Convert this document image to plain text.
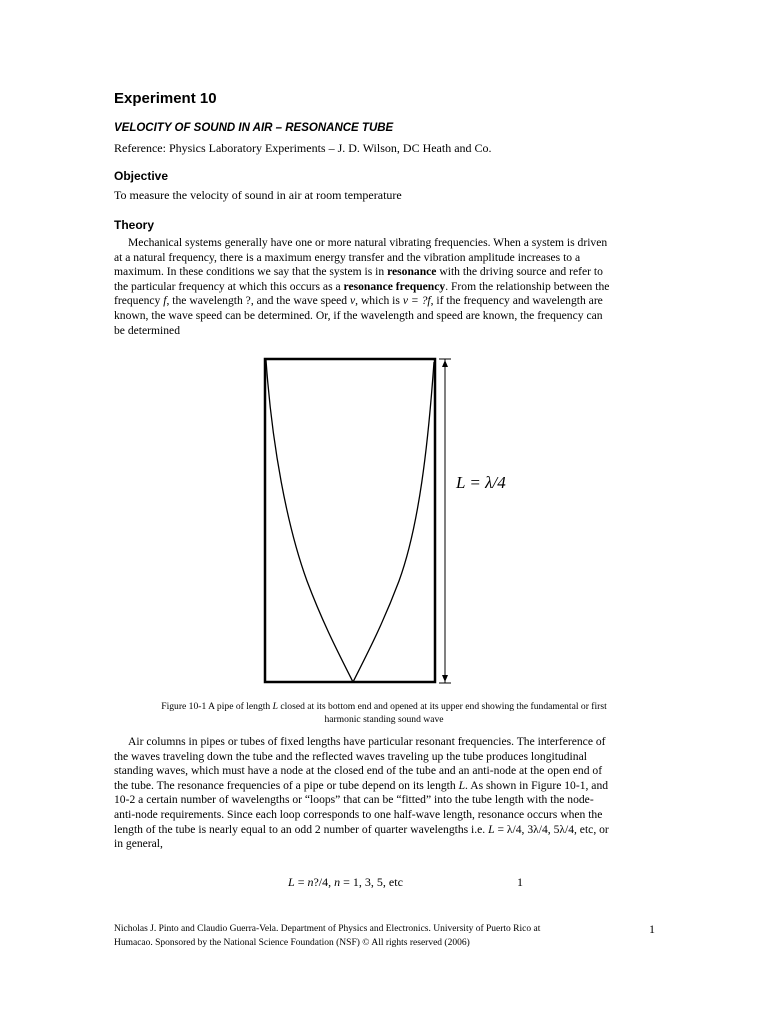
Experiment 10
VELOCITY OF SOUND IN AIR – RESONANCE TUBE
Reference: Physics Laboratory Experiments – J. D. Wilson, DC Heath and Co.
Objective
To measure the velocity of sound in air at room temperature
Theory
Mechanical systems generally have one or more natural vibrating frequencies. When a system is driven
at a natural frequency, there is a maximum energy transfer and the vibration amplitude increases to a
maximum. In these conditions we say that the system is in resonance with the driving source and refer to
the particular frequency at which this occurs as a resonance frequency. From the relationship between the
frequency f, the wavelength ?, and the wave speed v, which is v = ?f, if the frequency and wavelength are
known, the wave speed can be determined. Or, if the wavelength and speed are known, the frequency can
be determined
L = λ/4
Figure 10-1 A pipe of length L closed at its bottom end and opened at its upper end showing the fundamental or first
harmonic standing sound wave
Air columns in pipes or tubes of fixed lengths have particular resonant frequencies. The interference of
the waves traveling down the tube and the reflected waves traveling up the tube produces longitudinal
standing waves, which must have a node at the closed end of the tube and an anti-node at the open end of
the tube. The resonance frequencies of a pipe or tube depend on its length L. As shown in Figure 10-1, and
10-2 a certain number of wavelengths or “loops” that can be “fitted” into the tube length with the node-
anti-node requirements. Since each loop corresponds to one half-wave length, resonance occurs when the
length of the tube is nearly equal to an odd 2 number of quarter wavelengths i.e. L = λ/4, 3λ/4, 5λ/4, etc, or
in general,
L = n?/4, n = 1, 3, 5, etc	1
Nicholas J. Pinto and Claudio Guerra-Vela. Department of Physics and Electronics. University of Puerto Rico at
Humacao. Sponsored by the National Science Foundation (NSF) © All rights reserved (2006)
1
